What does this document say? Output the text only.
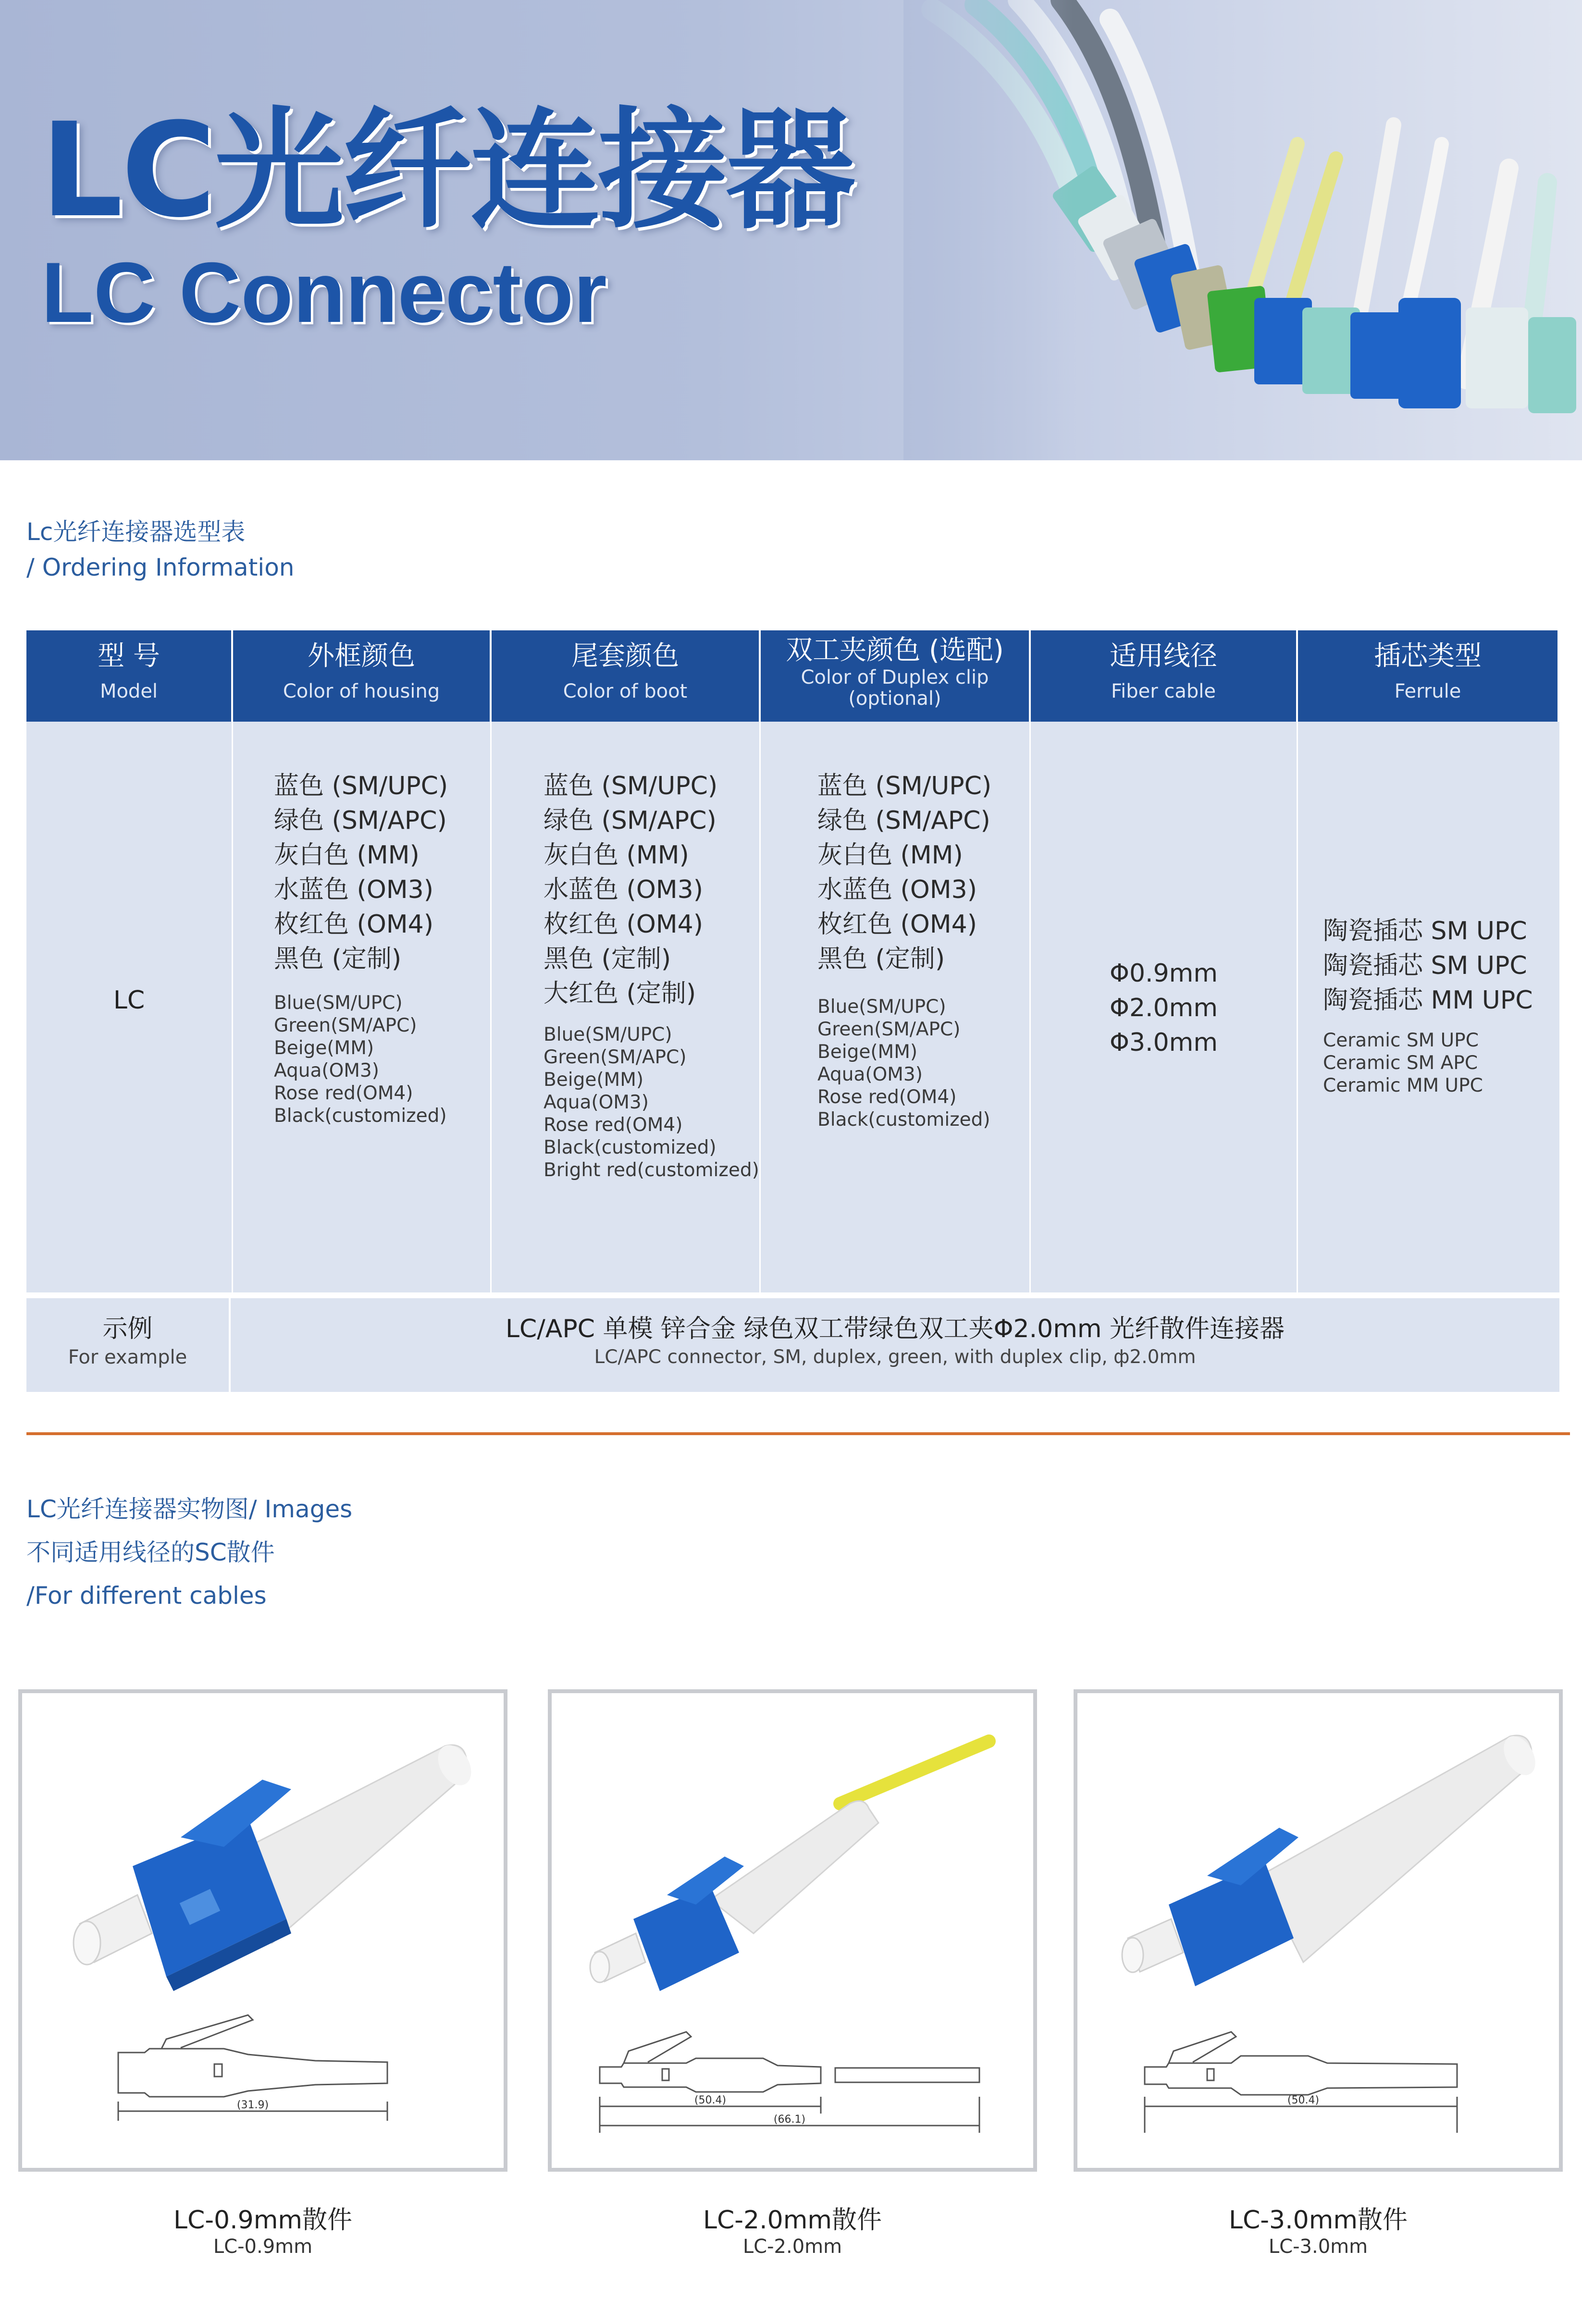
LC光纤连接器
LC Connector
Lc光纤连接器选型表
/ Ordering Information
型 号
Model
外框颜色
Color of housing
尾套颜色
Color of boot
双工夹颜色 (选配)
Color of Duplex clip
(optional)
适用线径
Fiber cable
插芯类型
Ferrule
LC
蓝色 (SM/UPC)
绿色 (SM/APC)
灰白色 (MM)
水蓝色 (OM3)
枚红色 (OM4)
黑色 (定制)
Blue(SM/UPC)
Green(SM/APC)
Beige(MM)
Aqua(OM3)
Rose red(OM4)
Black(customized)
蓝色 (SM/UPC)
绿色 (SM/APC)
灰白色 (MM)
水蓝色 (OM3)
枚红色 (OM4)
黑色 (定制)
大红色 (定制)
Blue(SM/UPC)
Green(SM/APC)
Beige(MM)
Aqua(OM3)
Rose red(OM4)
Black(customized)
Bright red(customized)
蓝色 (SM/UPC)
绿色 (SM/APC)
灰白色 (MM)
水蓝色 (OM3)
枚红色 (OM4)
黑色 (定制)
Blue(SM/UPC)
Green(SM/APC)
Beige(MM)
Aqua(OM3)
Rose red(OM4)
Black(customized)
Φ0.9mm
Φ2.0mm
Φ3.0mm
陶瓷插芯 SM UPC
陶瓷插芯 SM UPC
陶瓷插芯 MM UPC
Ceramic SM UPC
Ceramic SM APC
Ceramic MM UPC
示例
For example
LC/APC 单模 锌合金 绿色双工带绿色双工夹Φ2.0mm 光纤散件连接器
LC/APC connector, SM, duplex, green, with duplex clip, ф2.0mm
LC光纤连接器实物图/ Images
不同适用线径的SC散件
/For different cables
(31.9)	(50.4)
(66.1)
(50.4)
LC-0.9mm散件
LC-0.9mm
LC-2.0mm散件
LC-2.0mm
LC-3.0mm散件
LC-3.0mm
